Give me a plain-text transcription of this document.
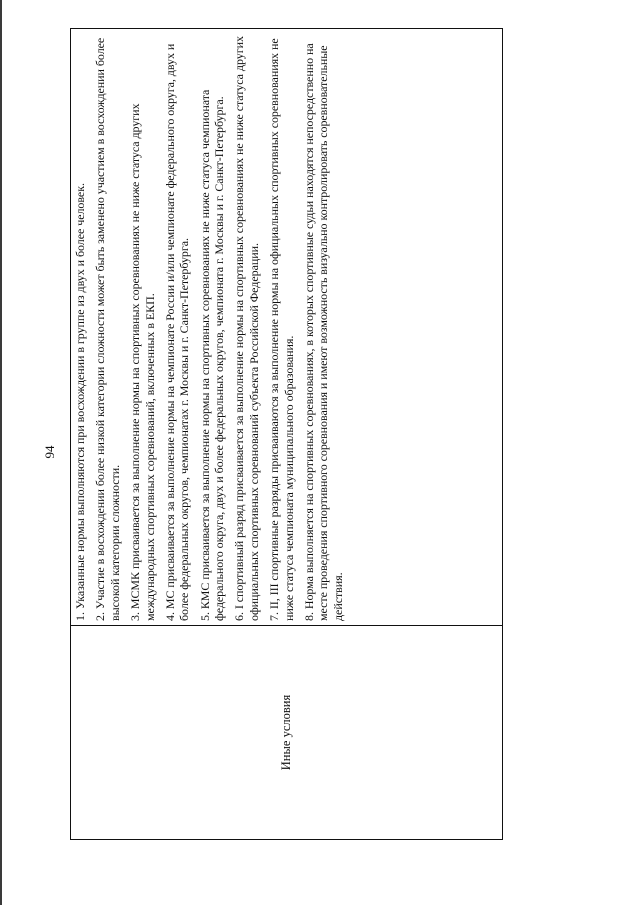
94
Иные условия

1. Указанные нормы выполняются при восхождении в группе из двух и более человек. 2. Участие в восхождении более низкой категории сложности может быть заменено участием в восхождении более высокой категории сложности. 3. МСМК присваивается за выполнение нормы на спортивных соревнованиях не ниже статуса других международных спортивных соревнований, включенных в ЕКП. 4. МС присваивается за выполнение нормы на чемпионате России и/или чемпионате федерального округа, двух и более федеральных округов, чемпионатах г. Москвы и г. Санкт-Петербурга. 5. КМС присваивается за выполнение нормы на спортивных соревнованиях не ниже статуса чемпионата федерального округа, двух и более федеральных округов, чемпионата г. Москвы и г. Санкт-Петербурга. 6. I спортивный разряд присваивается за выполнение нормы на спортивных соревнованиях не ниже статуса других официальных спортивных соревнований субъекта Российской Федерации. 7. II, III спортивные разряды присваиваются за выполнение нормы на официальных спортивных соревнованиях не ниже статуса чемпионата муниципального образования. 8. Норма выполняется на спортивных соревнованиях, в которых спортивные судьи находятся непосредственно на месте проведения спортивного соревнования и имеют возможность визуально контролировать соревновательные действия.
